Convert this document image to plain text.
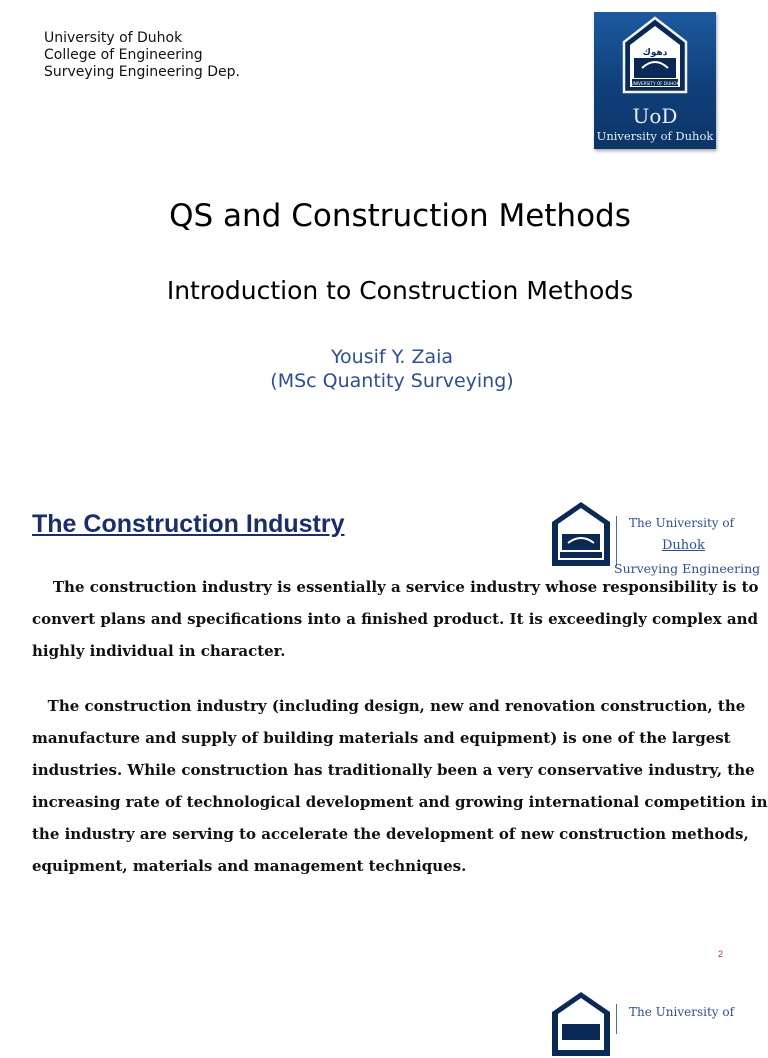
University of Duhok
College of Engineering
Surveying Engineering Dep.
UNIVERSITY OF DUHOK
دهوك
UoD
University of Duhok
QS and Construction Methods
Introduction to Construction Methods
Yousif Y. Zaia
(MSc Quantity Surveying)
The Construction Industry	The University of
Duhok
Surveying Engineering
The construction industry is essentially a service industry whose responsibility is to
convert plans and specifications into a finished product. It is exceedingly complex and
highly individual in character.
The construction industry (including design, new and renovation construction, the
manufacture and supply of building materials and equipment) is one of the largest
industries. While construction has traditionally been a very conservative industry, the
increasing rate of technological development and growing international competition in
the industry are serving to accelerate the development of new construction methods,
equipment, materials and management techniques.
2
The University of
